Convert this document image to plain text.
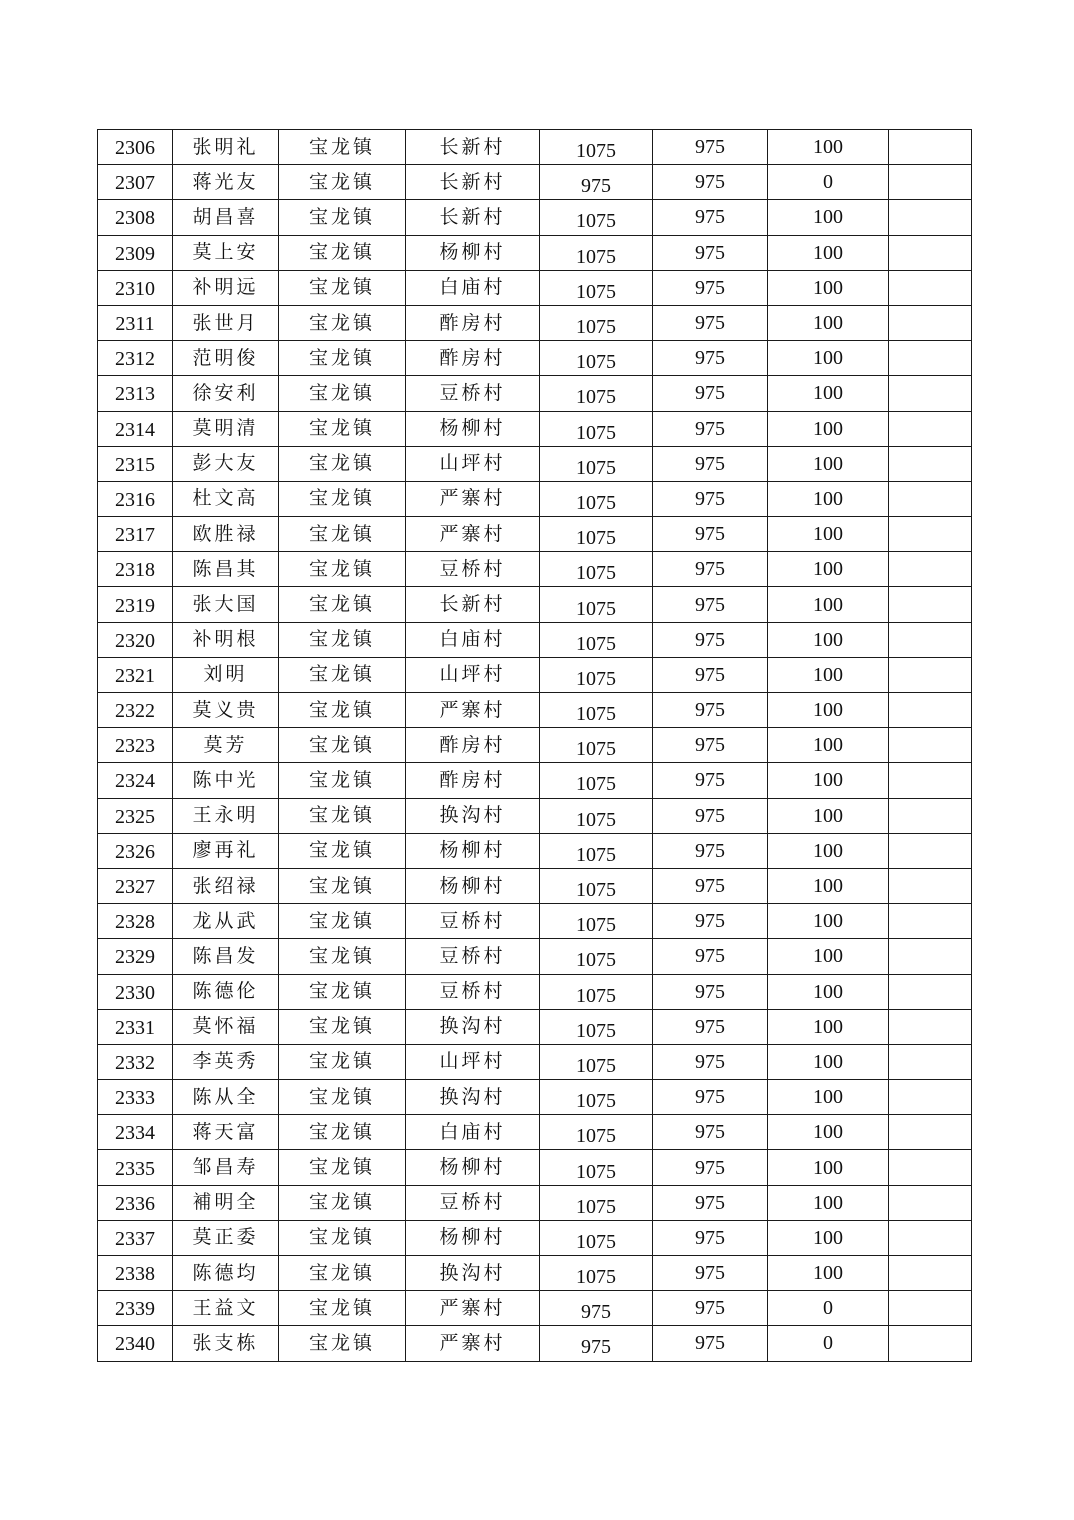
2306	张明礼	宝龙镇	长新村	1075	975	100	
2307	蒋光友	宝龙镇	长新村	975	975	0	
2308	胡昌喜	宝龙镇	长新村	1075	975	100	
2309	莫上安	宝龙镇	杨柳村	1075	975	100	
2310	补明远	宝龙镇	白庙村	1075	975	100	
2311	张世月	宝龙镇	酢房村	1075	975	100	
2312	范明俊	宝龙镇	酢房村	1075	975	100	
2313	徐安利	宝龙镇	豆桥村	1075	975	100	
2314	莫明清	宝龙镇	杨柳村	1075	975	100	
2315	彭大友	宝龙镇	山坪村	1075	975	100	
2316	杜文高	宝龙镇	严寨村	1075	975	100	
2317	欧胜禄	宝龙镇	严寨村	1075	975	100	
2318	陈昌其	宝龙镇	豆桥村	1075	975	100	
2319	张大国	宝龙镇	长新村	1075	975	100	
2320	补明根	宝龙镇	白庙村	1075	975	100	
2321	刘明	宝龙镇	山坪村	1075	975	100	
2322	莫义贵	宝龙镇	严寨村	1075	975	100	
2323	莫芳	宝龙镇	酢房村	1075	975	100	
2324	陈中光	宝龙镇	酢房村	1075	975	100	
2325	王永明	宝龙镇	换沟村	1075	975	100	
2326	廖再礼	宝龙镇	杨柳村	1075	975	100	
2327	张绍禄	宝龙镇	杨柳村	1075	975	100	
2328	龙从武	宝龙镇	豆桥村	1075	975	100	
2329	陈昌发	宝龙镇	豆桥村	1075	975	100	
2330	陈德伦	宝龙镇	豆桥村	1075	975	100	
2331	莫怀福	宝龙镇	换沟村	1075	975	100	
2332	李英秀	宝龙镇	山坪村	1075	975	100	
2333	陈从全	宝龙镇	换沟村	1075	975	100	
2334	蒋天富	宝龙镇	白庙村	1075	975	100	
2335	邹昌寿	宝龙镇	杨柳村	1075	975	100	
2336	補明全	宝龙镇	豆桥村	1075	975	100	
2337	莫正委	宝龙镇	杨柳村	1075	975	100	
2338	陈德均	宝龙镇	换沟村	1075	975	100	
2339	王益文	宝龙镇	严寨村	975	975	0	
2340	张支栋	宝龙镇	严寨村	975	975	0	
